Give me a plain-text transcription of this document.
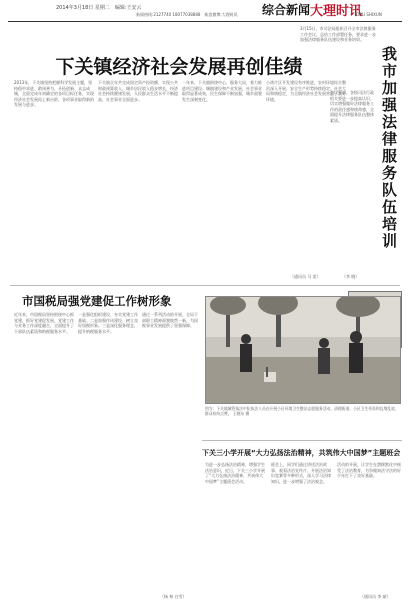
2014年3月18日 星期二　编辑:王安云
新闻热线:2127740 18077038888　新浪微博:大理时讯 综合新闻 大理时讯
DALI SHIXUN
下关镇经济社会发展再创佳绩
2013年，下关镇坚持把握科学发展主题，坚持稳中求进、敢闯善为、开拓创新、众志成城，全面完成年初确定的各项目标任务，实现经济社会发展再上新台阶，各项事业取得新的发展与进步。
下关镇全年共完成固定资产投资额，实现公共财政预算收入，城乡居民收入稳步增长，经济社会持续健康发展，人民群众生活水平不断提高，社会事业全面进步。
一年来，下关镇围绕中心，服务大局，着力推进项目建设、城镇建设和产业发展，社会事业取得显著成效，民生保障不断加强，城乡面貌发生深刻变化。
小湾片区开发建设有序推进，农村环境综合整治深入开展，安全生产形势持续稳定，社会大局和谐稳定，为全镇经济社会发展营造了良好环境。
（通讯员 马 雷）
3月15日，市司法局组织召开全市法律服务工作会议，总结工作部署任务，要求进一步加强法律服务队伍建设和业务培训。
我市加强法律服务队伍培训
会议要求，各级司法行政机关要进一步提高认识，切实增强做好法律服务工作的责任感和使命感，全面提升法律服务队伍整体素质。
（李 晓）
市国税局强党建促工作树形象
近年来，市国税局坚持围绕中心抓党建，抓好党建促发展，党建工作与业务工作深度融合，全面提升了干部队伍素质和纳税服务水平。
一是强化组织建设，夯实党建工作基础。二是加强作风建设，树立良好国税形象。三是深化服务理念，提升纳税服务水平。
通过一系列活动的开展，全局干部职工精神面貌焕然一新，为国税事业发展提供了坚强保障。
（杨 林 白雪）
图为：下关镇城管执法中队执法人员在开展小区环境卫生整治志愿服务活动。清理街道、小区卫生死角和乱堆乱放，群众纷纷点赞。 王晓东 摄
下关三小学开展“大力弘扬法治精神，共筑伟大中国梦”主题班会
为进一步弘扬法治精神，增强学生法治意识，近日，下关三小学开展了“大力弘扬法治精神，共筑伟大中国梦”主题班会活动。
班会上，同学们通过讲述法治故事、观看法治宣传片、开展法治知识竞赛等多种形式，深入学习法律知识，进一步增强了法治观念。
活动的开展，让学生在潜移默化中接受了法治教育，为争做知法守法的好少年打下了良好基础。
（通讯员 李 斌）
